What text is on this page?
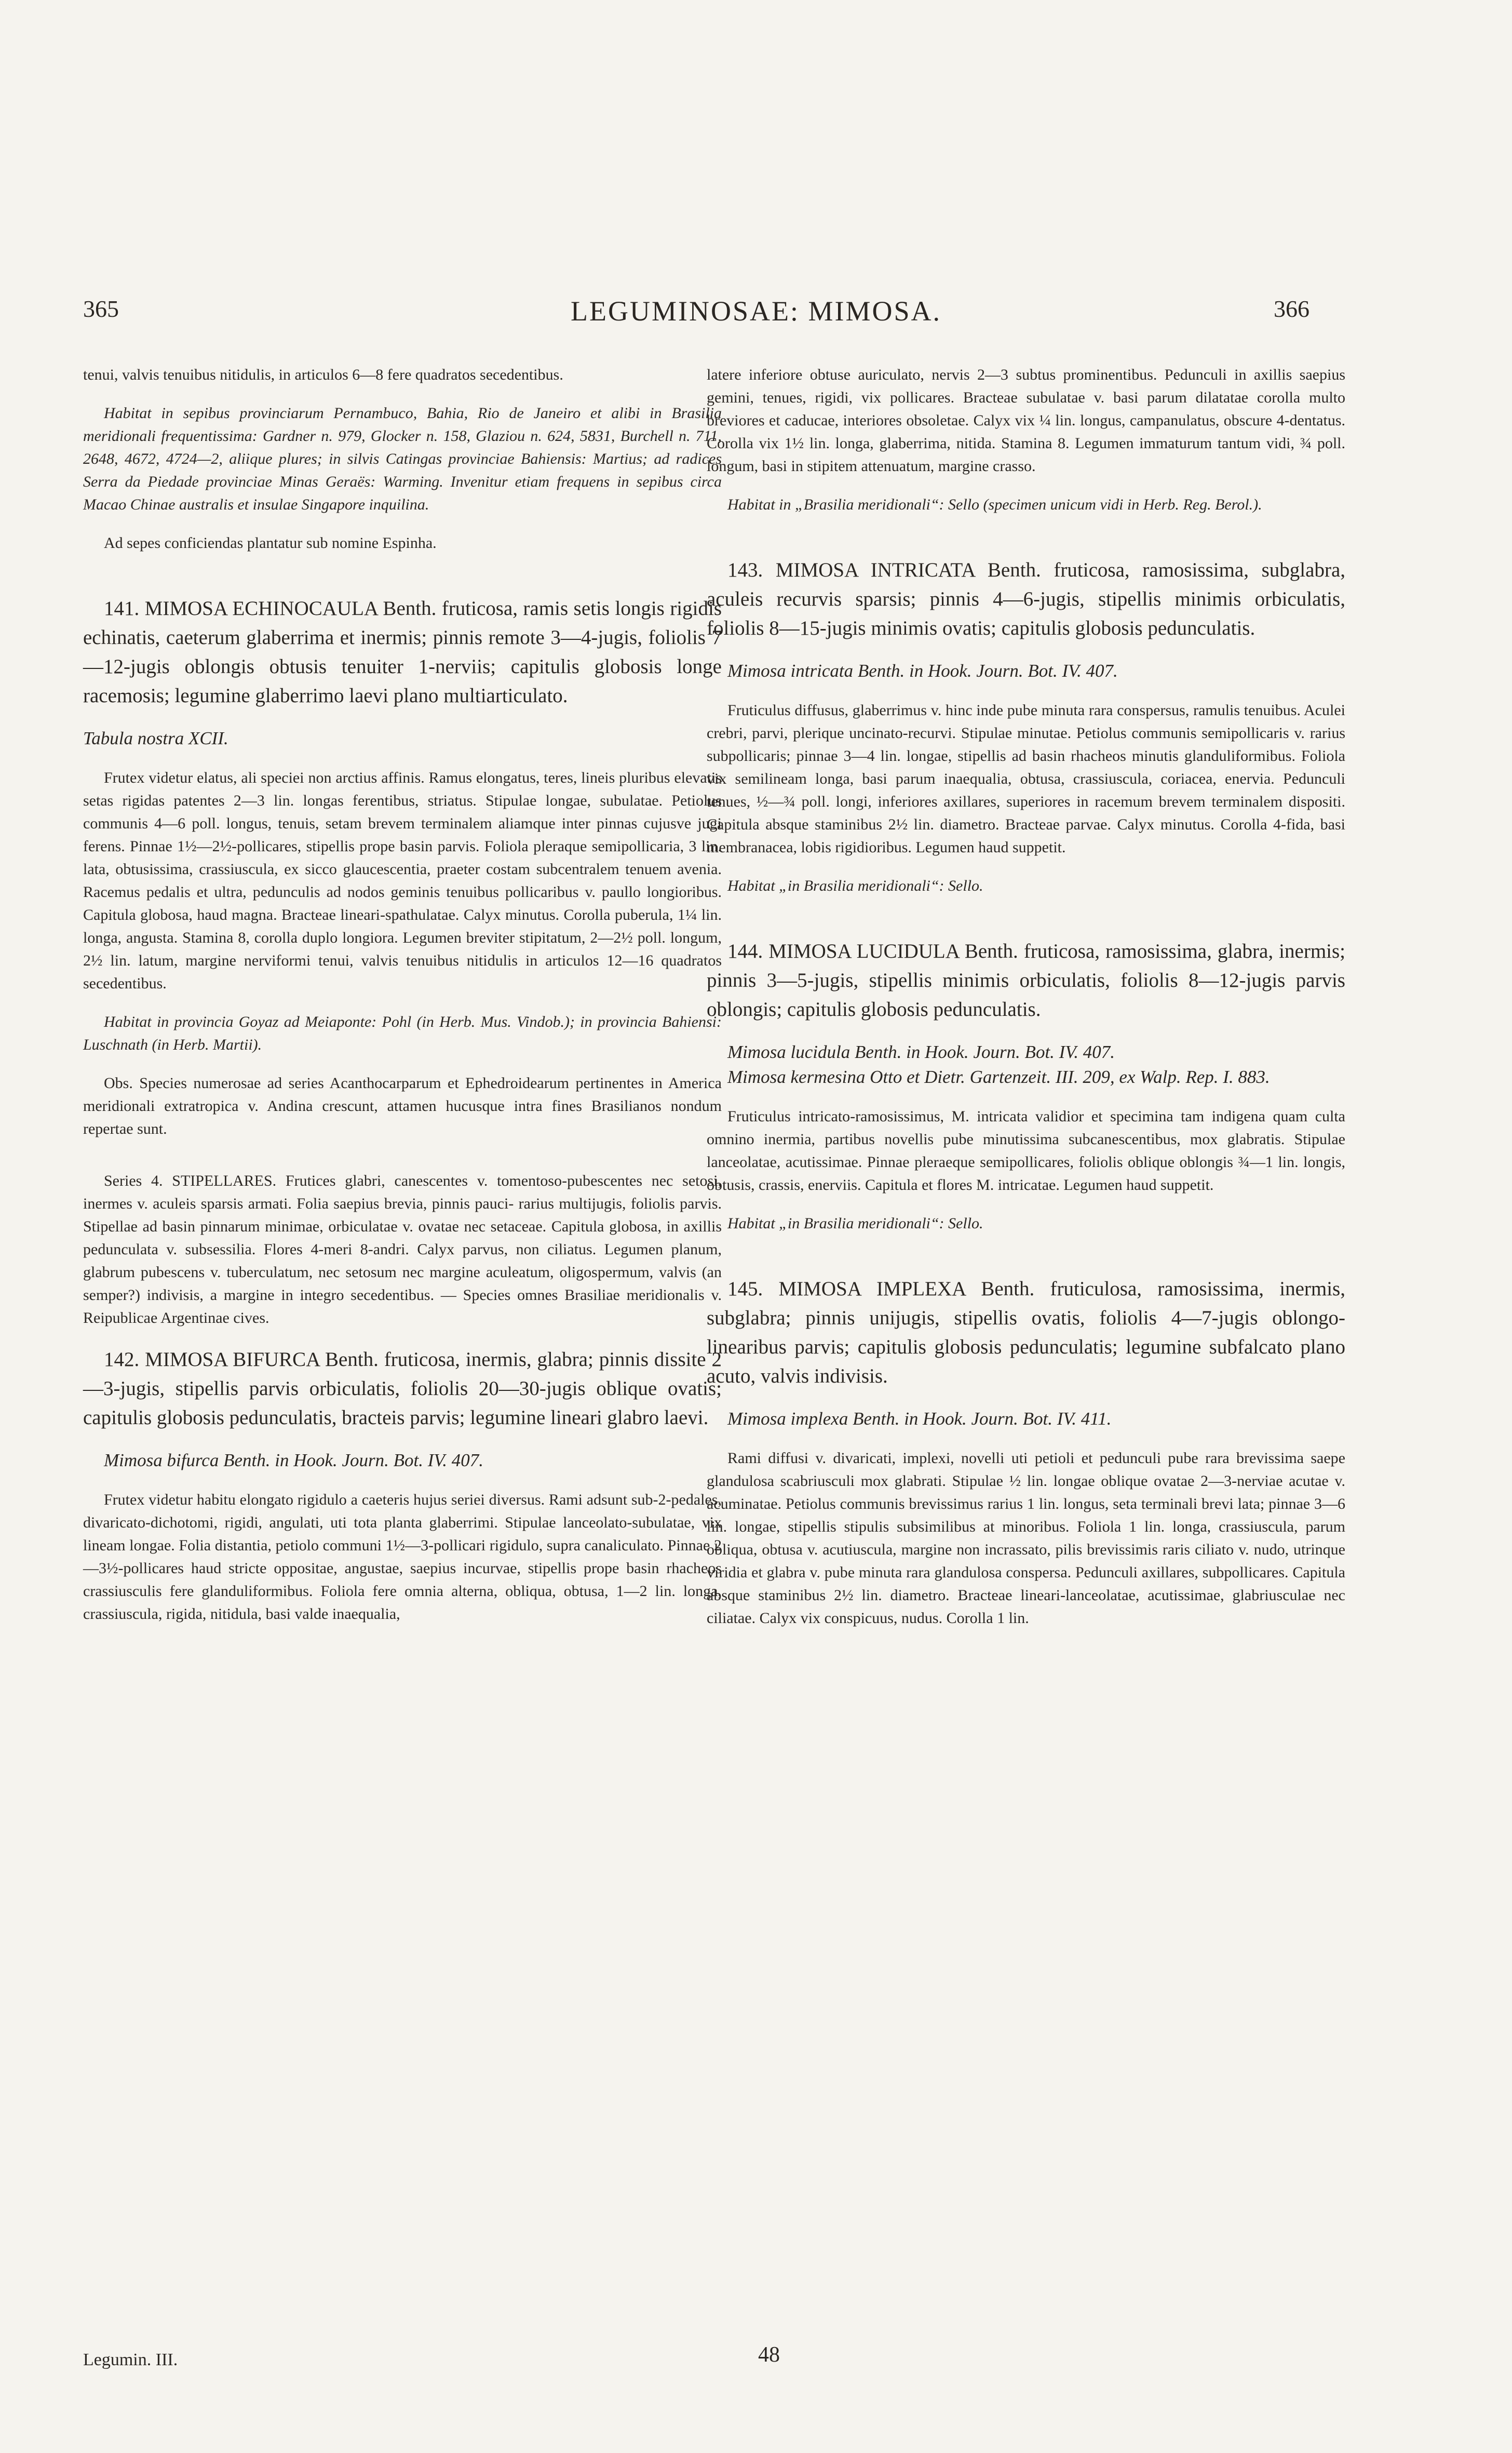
365	LEGUMINOSAE: MIMOSA.	366

tenui, valvis tenuibus nitidulis, in articulos 6—8 fere quadratos secedentibus.

Habitat in sepibus provinciarum Pernambuco, Bahia, Rio de Janeiro et alibi in Brasilia meridionali frequentissima: Gardner n. 979, Glocker n. 158, Glaziou n. 624, 5831, Burchell n. 711, 2648, 4672, 4724—2, aliique plures; in silvis Catingas provinciae Bahiensis: Martius; ad radices Serra da Piedade provinciae Minas Geraës: Warming. Invenitur etiam frequens in sepibus circa Macao Chinae australis et insulae Singapore inquilina.

Ad sepes conficiendas plantatur sub nomine Espinha.

141. MIMOSA ECHINOCAULA Benth. fruticosa, ramis setis longis rigidis echinatis, caeterum glaberrima et inermis; pinnis remote 3—4-jugis, foliolis 7—12-jugis oblongis obtusis tenuiter 1-nerviis; capitulis globosis longe racemosis; legumine glaberrimo laevi plano multiarticulato.

Tabula nostra XCII.

Frutex videtur elatus, ali speciei non arctius affinis. Ramus elongatus, teres, lineis pluribus elevatis setas rigidas patentes 2—3 lin. longas ferentibus, striatus. Stipulae longae, subulatae. Petiolus communis 4—6 poll. longus, tenuis, setam brevem terminalem aliamque inter pinnas cujusve jugi ferens. Pinnae 1½—2½-pollicares, stipellis prope basin parvis. Foliola pleraque semipollicaria, 3 lin. lata, obtusissima, crassiuscula, ex sicco glaucescentia, praeter costam subcentralem tenuem avenia. Racemus pedalis et ultra, pedunculis ad nodos geminis tenuibus pollicaribus v. paullo longioribus. Capitula globosa, haud magna. Bracteae lineari-spathulatae. Calyx minutus. Corolla puberula, 1¼ lin. longa, angusta. Stamina 8, corolla duplo longiora. Legumen breviter stipitatum, 2—2½ poll. longum, 2½ lin. latum, margine nerviformi tenui, valvis tenuibus nitidulis in articulos 12—16 quadratos secedentibus.

Habitat in provincia Goyaz ad Meiaponte: Pohl (in Herb. Mus. Vindob.); in provincia Bahiensi: Luschnath (in Herb. Martii).

Obs. Species numerosae ad series Acanthocarparum et Ephedroidearum pertinentes in America meridionali extratropica v. Andina crescunt, attamen hucusque intra fines Brasilianos nondum repertae sunt.

Series 4. STIPELLARES. Frutices glabri, canescentes v. tomentoso-pubescentes nec setosi, inermes v. aculeis sparsis armati. Folia saepius brevia, pinnis pauci- rarius multijugis, foliolis parvis. Stipellae ad basin pinnarum minimae, orbiculatae v. ovatae nec setaceae. Capitula globosa, in axillis pedunculata v. subsessilia. Flores 4-meri 8-andri. Calyx parvus, non ciliatus. Legumen planum, glabrum pubescens v. tuberculatum, nec setosum nec margine aculeatum, oligospermum, valvis (an semper?) indivisis, a margine in integro secedentibus. — Species omnes Brasiliae meridionalis v. Reipublicae Argentinae cives.

142. MIMOSA BIFURCA Benth. fruticosa, inermis, glabra; pinnis dissite 2—3-jugis, stipellis parvis orbiculatis, foliolis 20—30-jugis oblique ovatis; capitulis globosis pedunculatis, bracteis parvis; legumine lineari glabro laevi.

Mimosa bifurca Benth. in Hook. Journ. Bot. IV. 407.

Frutex videtur habitu elongato rigidulo a caeteris hujus seriei diversus. Rami adsunt sub-2-pedales, divaricato-dichotomi, rigidi, angulati, uti tota planta glaberrimi. Stipulae lanceolato-subulatae, vix lineam longae. Folia distantia, petiolo communi 1½—3-pollicari rigidulo, supra canaliculato. Pinnae 2—3½-pollicares haud stricte oppositae, angustae, saepius incurvae, stipellis prope basin rhacheos crassiusculis fere glanduliformibus. Foliola fere omnia alterna, obliqua, obtusa, 1—2 lin. longa, crassiuscula, rigida, nitidula, basi valde inaequalia,

latere inferiore obtuse auriculato, nervis 2—3 subtus prominentibus. Pedunculi in axillis saepius gemini, tenues, rigidi, vix pollicares. Bracteae subulatae v. basi parum dilatatae corolla multo breviores et caducae, interiores obsoletae. Calyx vix ¼ lin. longus, campanulatus, obscure 4-dentatus. Corolla vix 1½ lin. longa, glaberrima, nitida. Stamina 8. Legumen immaturum tantum vidi, ¾ poll. longum, basi in stipitem attenuatum, margine crasso.

Habitat in „Brasilia meridionali“: Sello (specimen unicum vidi in Herb. Reg. Berol.).

143. MIMOSA INTRICATA Benth. fruticosa, ramosissima, subglabra, aculeis recurvis sparsis; pinnis 4—6-jugis, stipellis minimis orbiculatis, foliolis 8—15-jugis minimis ovatis; capitulis globosis pedunculatis.

Mimosa intricata Benth. in Hook. Journ. Bot. IV. 407.

Fruticulus diffusus, glaberrimus v. hinc inde pube minuta rara conspersus, ramulis tenuibus. Aculei crebri, parvi, plerique uncinato-recurvi. Stipulae minutae. Petiolus communis semipollicaris v. rarius subpollicaris; pinnae 3—4 lin. longae, stipellis ad basin rhacheos minutis glanduliformibus. Foliola vix semilineam longa, basi parum inaequalia, obtusa, crassiuscula, coriacea, enervia. Pedunculi tenues, ½—¾ poll. longi, inferiores axillares, superiores in racemum brevem terminalem dispositi. Capitula absque staminibus 2½ lin. diametro. Bracteae parvae. Calyx minutus. Corolla 4-fida, basi membranacea, lobis rigidioribus. Legumen haud suppetit.

Habitat „in Brasilia meridionali“: Sello.

144. MIMOSA LUCIDULA Benth. fruticosa, ramosissima, glabra, inermis; pinnis 3—5-jugis, stipellis minimis orbiculatis, foliolis 8—12-jugis parvis oblongis; capitulis globosis pedunculatis.

Mimosa lucidula Benth. in Hook. Journ. Bot. IV. 407.

Mimosa kermesina Otto et Dietr. Gartenzeit. III. 209, ex Walp. Rep. I. 883.

Fruticulus intricato-ramosissimus, M. intricata validior et specimina tam indigena quam culta omnino inermia, partibus novellis pube minutissima subcanescentibus, mox glabratis. Stipulae lanceolatae, acutissimae. Pinnae pleraeque semipollicares, foliolis oblique oblongis ¾—1 lin. longis, obtusis, crassis, enerviis. Capitula et flores M. intricatae. Legumen haud suppetit.

Habitat „in Brasilia meridionali“: Sello.

145. MIMOSA IMPLEXA Benth. fruticulosa, ramosissima, inermis, subglabra; pinnis unijugis, stipellis ovatis, foliolis 4—7-jugis oblongo-linearibus parvis; capitulis globosis pedunculatis; legumine subfalcato plano acuto, valvis indivisis.

Mimosa implexa Benth. in Hook. Journ. Bot. IV. 411.

Rami diffusi v. divaricati, implexi, novelli uti petioli et pedunculi pube rara brevissima saepe glandulosa scabriusculi mox glabrati. Stipulae ½ lin. longae oblique ovatae 2—3-nerviae acutae v. acuminatae. Petiolus communis brevissimus rarius 1 lin. longus, seta terminali brevi lata; pinnae 3—6 lin. longae, stipellis stipulis subsimilibus at minoribus. Foliola 1 lin. longa, crassiuscula, parum obliqua, obtusa v. acutiuscula, margine non incrassato, pilis brevissimis raris ciliato v. nudo, utrinque viridia et glabra v. pube minuta rara glandulosa conspersa. Pedunculi axillares, subpollicares. Capitula absque staminibus 2½ lin. diametro. Bracteae lineari-lanceolatae, acutissimae, glabriusculae nec ciliatae. Calyx vix conspicuus, nudus. Corolla 1 lin.

Legumin. III.	48
